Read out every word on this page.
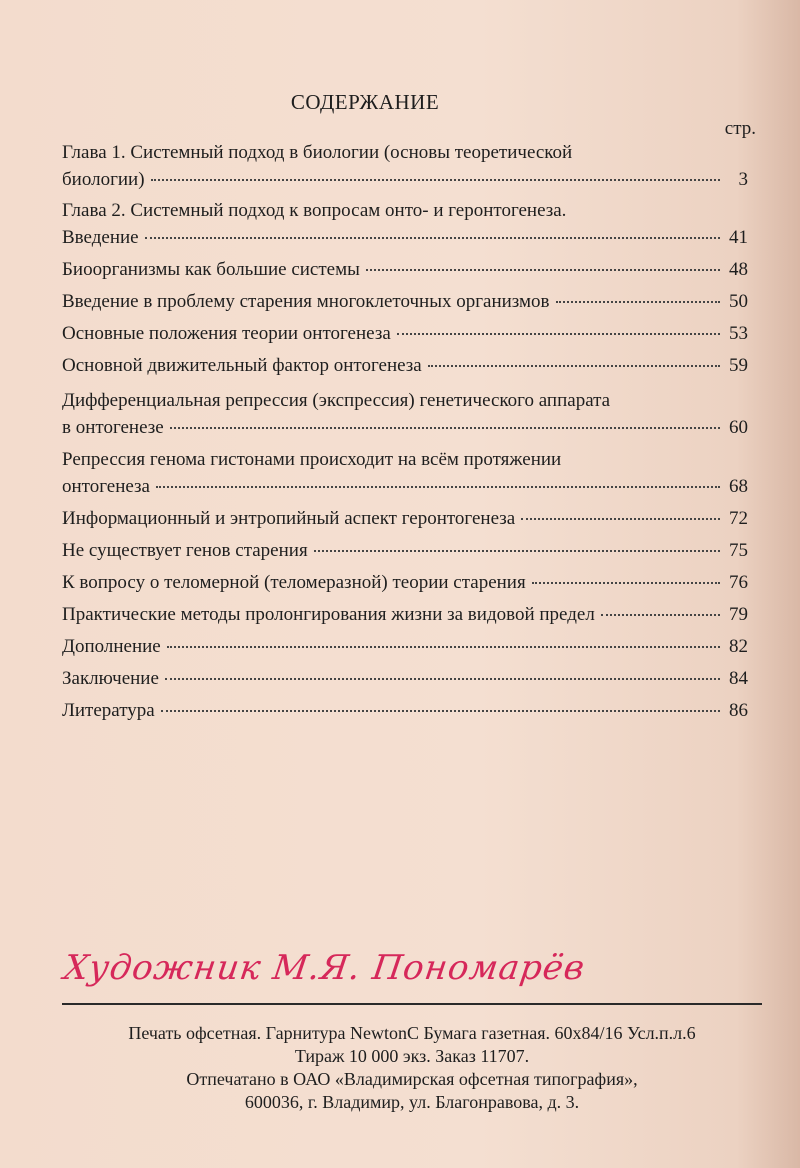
СОДЕРЖАНИЕ
стр.
Глава 1. Системный подход в биологии (основы теоретической
биологии)	3
Глава 2. Системный подход к вопросам онто- и геронтогенеза.
Введение	41
Биоорганизмы как большие системы	48
Введение в проблему старения многоклеточных организмов	50
Основные положения теории онтогенеза	53
Основной движительный фактор онтогенеза	59
Дифференциальная репрессия (экспрессия) генетического аппарата
в онтогенезе	60
Репрессия генома гистонами происходит на всём протяжении
онтогенеза	68
Информационный и энтропийный аспект геронтогенеза	72
Не существует генов старения	75
К вопросу о теломерной (теломеразной) теории старения	76
Практические методы пролонгирования жизни за видовой предел	79
Дополнение	82
Заключение	84
Литература	86
Художник М.Я. Пономарёв
Печать офсетная. Гарнитура NewtonC Бумага газетная. 60x84/16 Усл.п.л.6
Тираж 10 000 экз. Заказ 11707.
Отпечатано в ОАО «Владимирская офсетная типография»,
600036, г. Владимир, ул. Благонравова, д. 3.
